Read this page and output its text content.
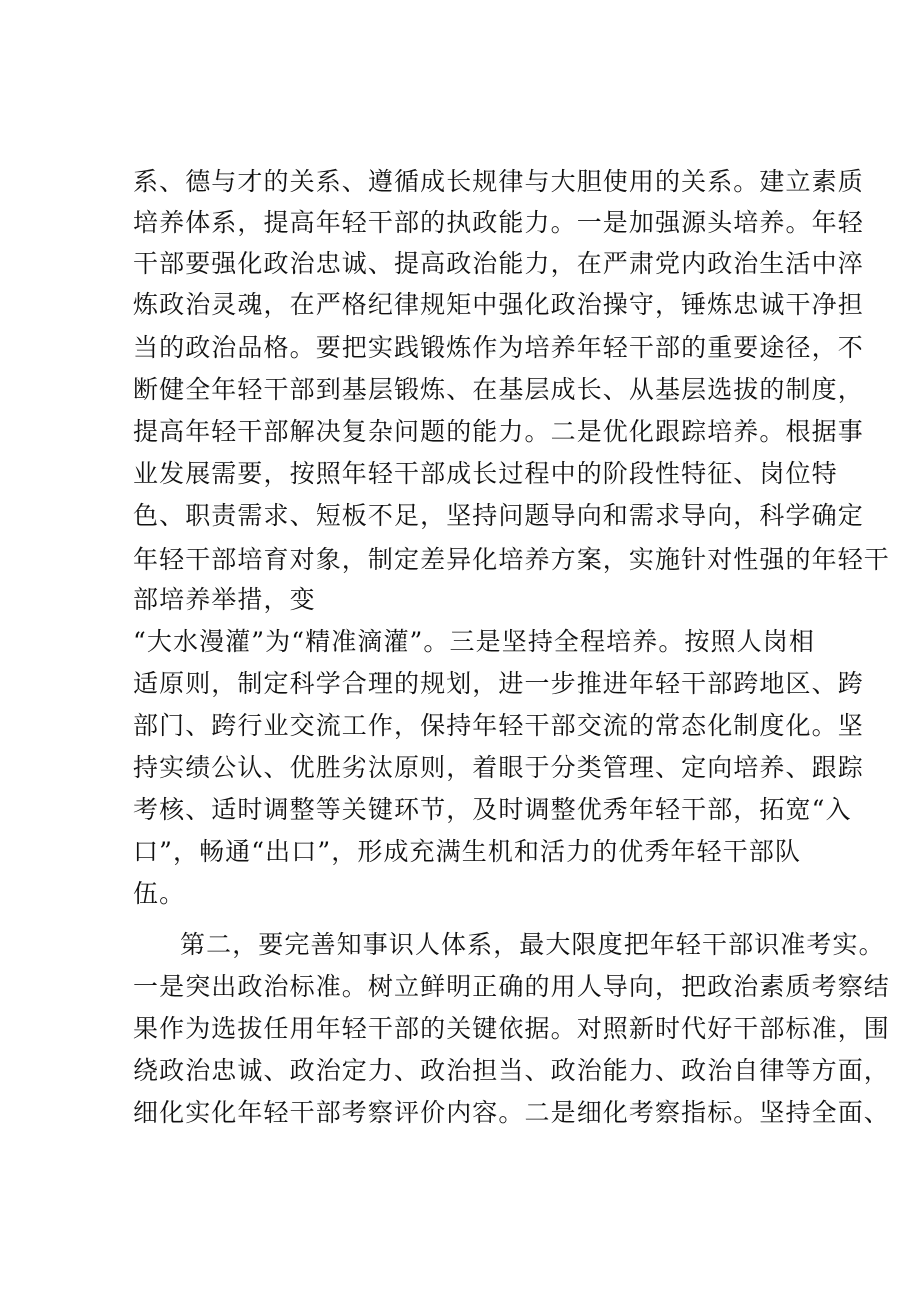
系、德与才的关系、遵循成长规律与大胆使用的关系。建立素质
培养体系，提高年轻干部的执政能力。一是加强源头培养。年轻
干部要强化政治忠诚、提高政治能力，在严肃党内政治生活中淬
炼政治灵魂，在严格纪律规矩中强化政治操守，锤炼忠诚干净担
当的政治品格。要把实践锻炼作为培养年轻干部的重要途径，不
断健全年轻干部到基层锻炼、在基层成长、从基层选拔的制度，
提高年轻干部解决复杂问题的能力。二是优化跟踪培养。根据事
业发展需要，按照年轻干部成长过程中的阶段性特征、岗位特
色、职责需求、短板不足，坚持问题导向和需求导向，科学确定
年轻干部培育对象，制定差异化培养方案，实施针对性强的年轻干
部培养举措，变
“大水漫灌”为“精准滴灌”。三是坚持全程培养。按照人岗相
适原则，制定科学合理的规划，进一步推进年轻干部跨地区、跨
部门、跨行业交流工作，保持年轻干部交流的常态化制度化。坚
持实绩公认、优胜劣汰原则，着眼于分类管理、定向培养、跟踪
考核、适时调整等关键环节，及时调整优秀年轻干部，拓宽“入
口”，畅通“出口”，形成充满生机和活力的优秀年轻干部队
伍。
第二，要完善知事识人体系，最大限度把年轻干部识准考实。
一是突出政治标准。树立鲜明正确的用人导向，把政治素质考察结
果作为选拔任用年轻干部的关键依据。对照新时代好干部标准，围
绕政治忠诚、政治定力、政治担当、政治能力、政治自律等方面，
细化实化年轻干部考察评价内容。二是细化考察指标。坚持全面、
